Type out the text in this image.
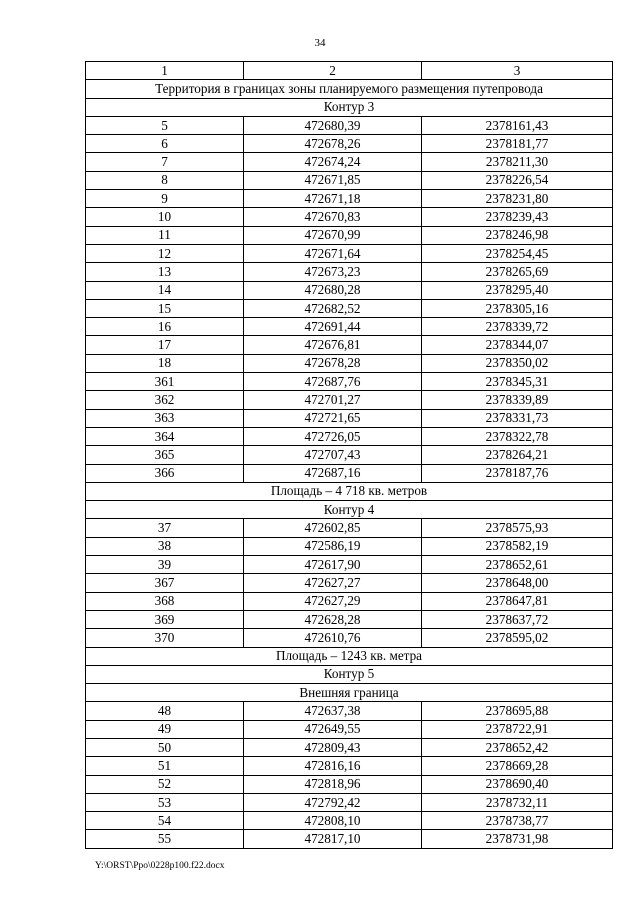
34
1	2	3
Территория в границах зоны планируемого размещения путепровода		
Контур 3		
5	472680,39	2378161,43
6	472678,26	2378181,77
7	472674,24	2378211,30
8	472671,85	2378226,54
9	472671,18	2378231,80
10	472670,83	2378239,43
11	472670,99	2378246,98
12	472671,64	2378254,45
13	472673,23	2378265,69
14	472680,28	2378295,40
15	472682,52	2378305,16
16	472691,44	2378339,72
17	472676,81	2378344,07
18	472678,28	2378350,02
361	472687,76	2378345,31
362	472701,27	2378339,89
363	472721,65	2378331,73
364	472726,05	2378322,78
365	472707,43	2378264,21
366	472687,16	2378187,76
Площадь – 4 718 кв. метров		
Контур 4		
37	472602,85	2378575,93
38	472586,19	2378582,19
39	472617,90	2378652,61
367	472627,27	2378648,00
368	472627,29	2378647,81
369	472628,28	2378637,72
370	472610,76	2378595,02
Площадь – 1243 кв. метра		
Контур 5		
Внешняя граница		
48	472637,38	2378695,88
49	472649,55	2378722,91
50	472809,43	2378652,42
51	472816,16	2378669,28
52	472818,96	2378690,40
53	472792,42	2378732,11
54	472808,10	2378738,77
55	472817,10	2378731,98
Y:\ORST\Ppo\0228p100.f22.docx
